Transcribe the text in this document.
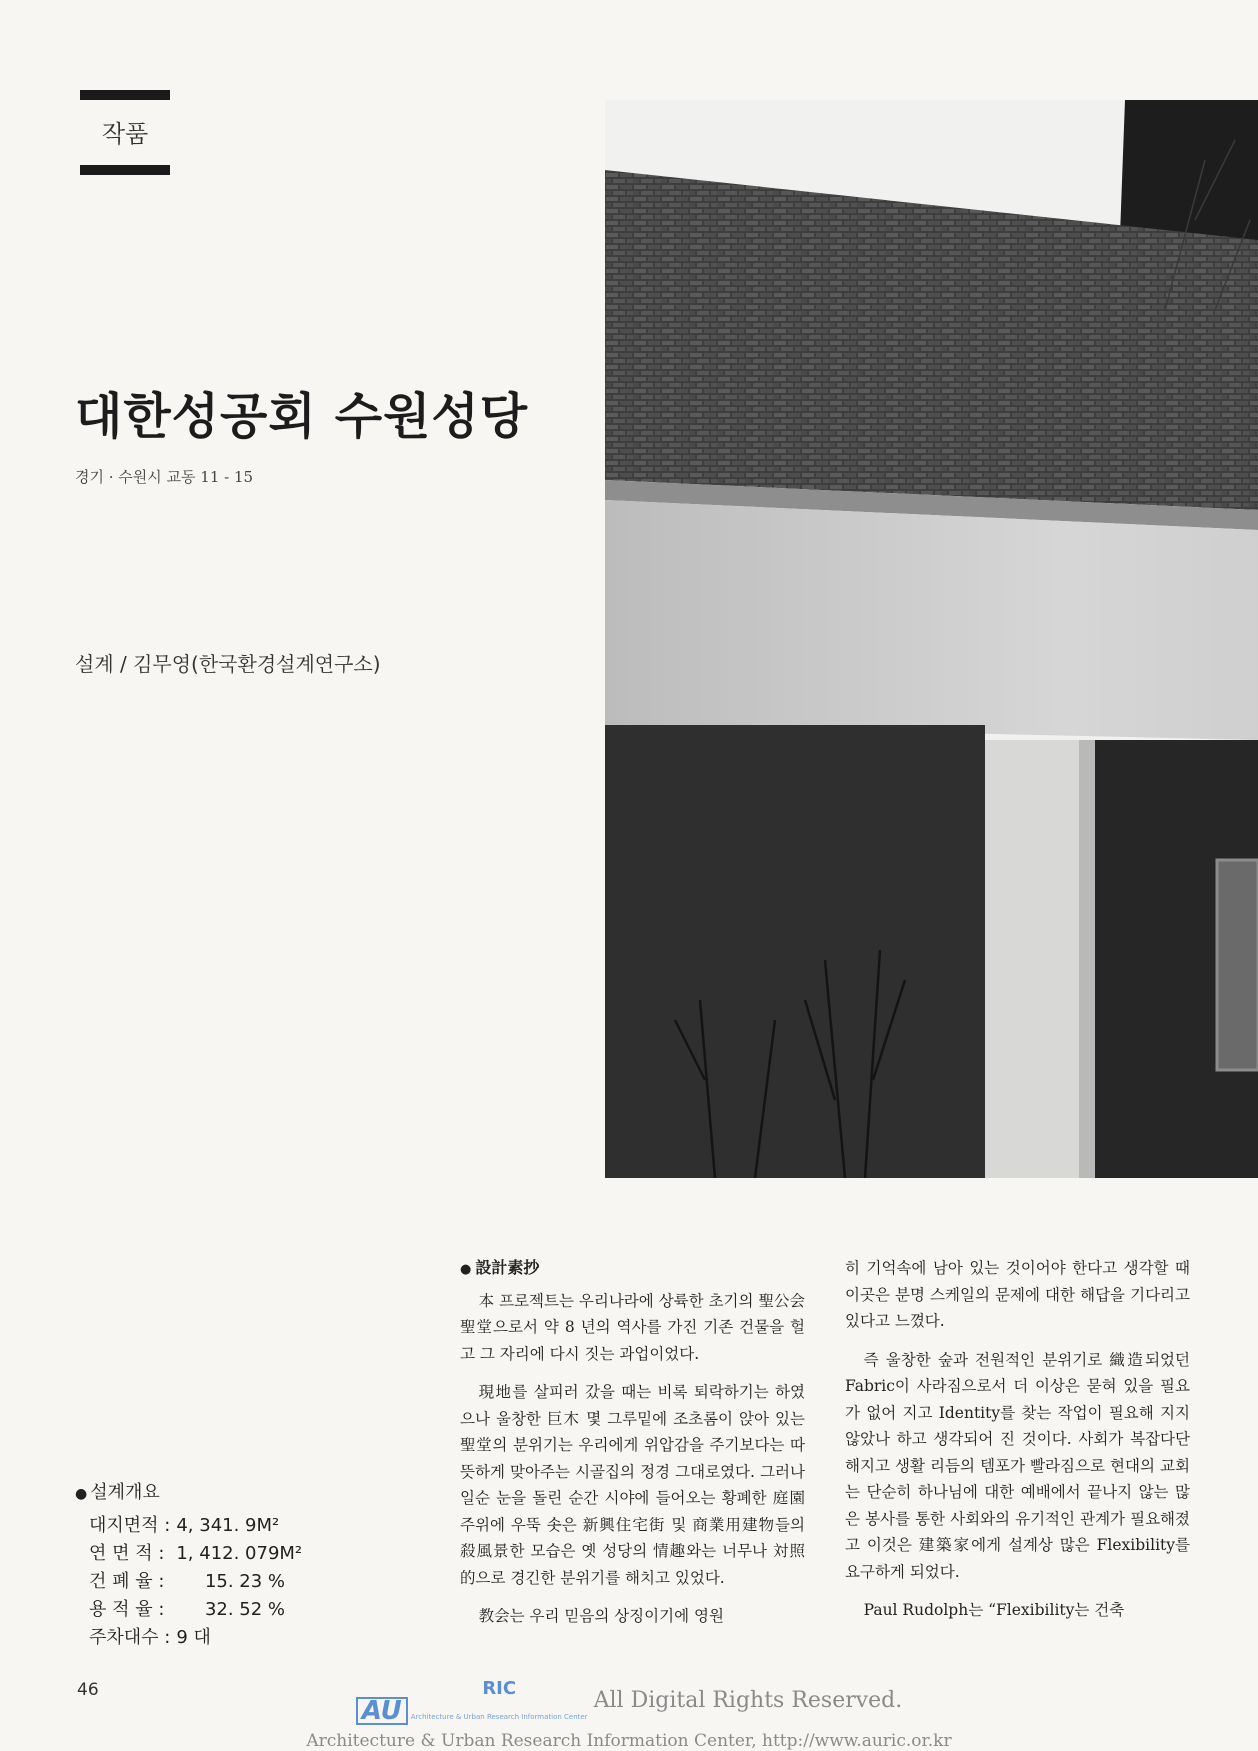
작품
대한성공회 수원성당
경기 · 수원시 교동 11 - 15
설계 / 김무영(한국환경설계연구소)
● 설계개요
대지면적 :	4, 341. 9M²
연 면 적 :	1, 412. 079M²
건 폐 율 :	15. 23 %
용 적 율 :	32. 52 %
주차대수 :	9 대
● 設計素抄

本 프로젝트는 우리나라에 상륙한 초기의 聖公会聖堂으로서 약 8 년의 역사를 가진 기존 건물을 헐고 그 자리에 다시 짓는 과업이었다.

現地를 살피러 갔을 때는 비록 퇴락하기는 하였으나 울창한 巨木 몇 그루밑에 조초롬이 앉아 있는 聖堂의 분위기는 우리에게 위압감을 주기보다는 따뜻하게 맞아주는 시골집의 정경 그대로였다. 그러나 일순 눈을 돌린 순간 시야에 들어오는 황폐한 庭園주위에 우뚝 솟은 新興住宅街 및 商業用建物들의 殺風景한 모습은 옛 성당의 情趣와는 너무나 対照的으로 경긴한 분위기를 해치고 있었다.

教会는 우리 믿음의 상징이기에 영원

히 기억속에 남아 있는 것이어야 한다고 생각할 때 이곳은 분명 스케일의 문제에 대한 해답을 기다리고 있다고 느꼈다.

즉 울창한 숲과 전원적인 분위기로 織造되었던 Fabric이 사라짐으로서 더 이상은 묻혀 있을 필요가 없어 지고 Identity를 찾는 작업이 필요해 지지 않았나 하고 생각되어 진 것이다. 사회가 복잡다단해지고 생활 리듬의 템포가 빨라짐으로 현대의 교회는 단순히 하나님에 대한 예배에서 끝나지 않는 많은 봉사를 통한 사회와의 유기적인 관계가 필요해졌고 이것은 建築家에게 설계상 많은 Flexibility를 요구하게 되었다.

Paul Rudolph는 “Flexibility는 건축

46
AU
RIC
Architecture & Urban Research Information Center
All Digital Rights Reserved.
Architecture & Urban Research Information Center, http://www.auric.or.kr
